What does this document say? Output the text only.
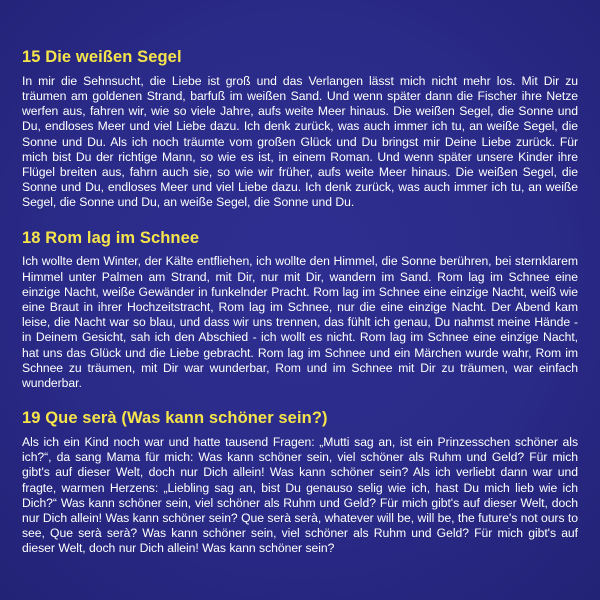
15 Die weißen Segel

In mir die Sehnsucht, die Liebe ist groß und das Verlangen lässt mich nicht mehr los. Mit Dir zu träumen am goldenen Strand, barfuß im weißen Sand. Und wenn später dann die Fischer ihre Netze werfen aus, fahren wir, wie so viele Jahre, aufs weite Meer hinaus. Die weißen Segel, die Sonne und Du, endloses Meer und viel Liebe dazu. Ich denk zurück, was auch immer ich tu, an weiße Segel, die Sonne und Du. Als ich noch träumte vom großen Glück und Du bringst mir Deine Liebe zurück. Für mich bist Du der richtige Mann, so wie es ist, in einem Roman. Und wenn später unsere Kinder ihre Flügel breiten aus, fahrn auch sie, so wie wir früher, aufs weite Meer hinaus. Die weißen Segel, die Sonne und Du, endloses Meer und viel Liebe dazu. Ich denk zurück, was auch immer ich tu, an weiße Segel, die Sonne und Du, an weiße Segel, die Sonne und Du.

18 Rom lag im Schnee

Ich wollte dem Winter, der Kälte entfliehen, ich wollte den Himmel, die Sonne berühren, bei sternklarem Himmel unter Palmen am Strand, mit Dir, nur mit Dir, wandern im Sand. Rom lag im Schnee eine einzige Nacht, weiße Gewänder in funkelnder Pracht. Rom lag im Schnee eine einzige Nacht, weiß wie eine Braut in ihrer Hochzeitstracht, Rom lag im Schnee, nur die eine einzige Nacht. Der Abend kam leise, die Nacht war so blau, und dass wir uns trennen, das fühlt ich genau, Du nahmst meine Hände - in Deinem Gesicht, sah ich den Abschied - ich wollt es nicht. Rom lag im Schnee eine einzige Nacht, hat uns das Glück und die Liebe gebracht. Rom lag im Schnee und ein Märchen wurde wahr, Rom im Schnee zu träumen, mit Dir war wunderbar, Rom und im Schnee mit Dir zu träumen, war einfach wunderbar.

19 Que serà (Was kann schöner sein?)

Als ich ein Kind noch war und hatte tausend Fragen: „Mutti sag an, ist ein Prinzesschen schöner als ich?“, da sang Mama für mich: Was kann schöner sein, viel schöner als Ruhm und Geld? Für mich gibt's auf dieser Welt, doch nur Dich allein! Was kann schöner sein? Als ich verliebt dann war und fragte, warmen Herzens: „Liebling sag an, bist Du genauso selig wie ich, hast Du mich lieb wie ich Dich?“ Was kann schöner sein, viel schöner als Ruhm und Geld? Für mich gibt's auf dieser Welt, doch nur Dich allein! Was kann schöner sein? Que serà serà, whatever will be, will be, the future's not ours to see, Que serà serà? Was kann schöner sein, viel schöner als Ruhm und Geld? Für mich gibt's auf dieser Welt, doch nur Dich allein! Was kann schöner sein?
